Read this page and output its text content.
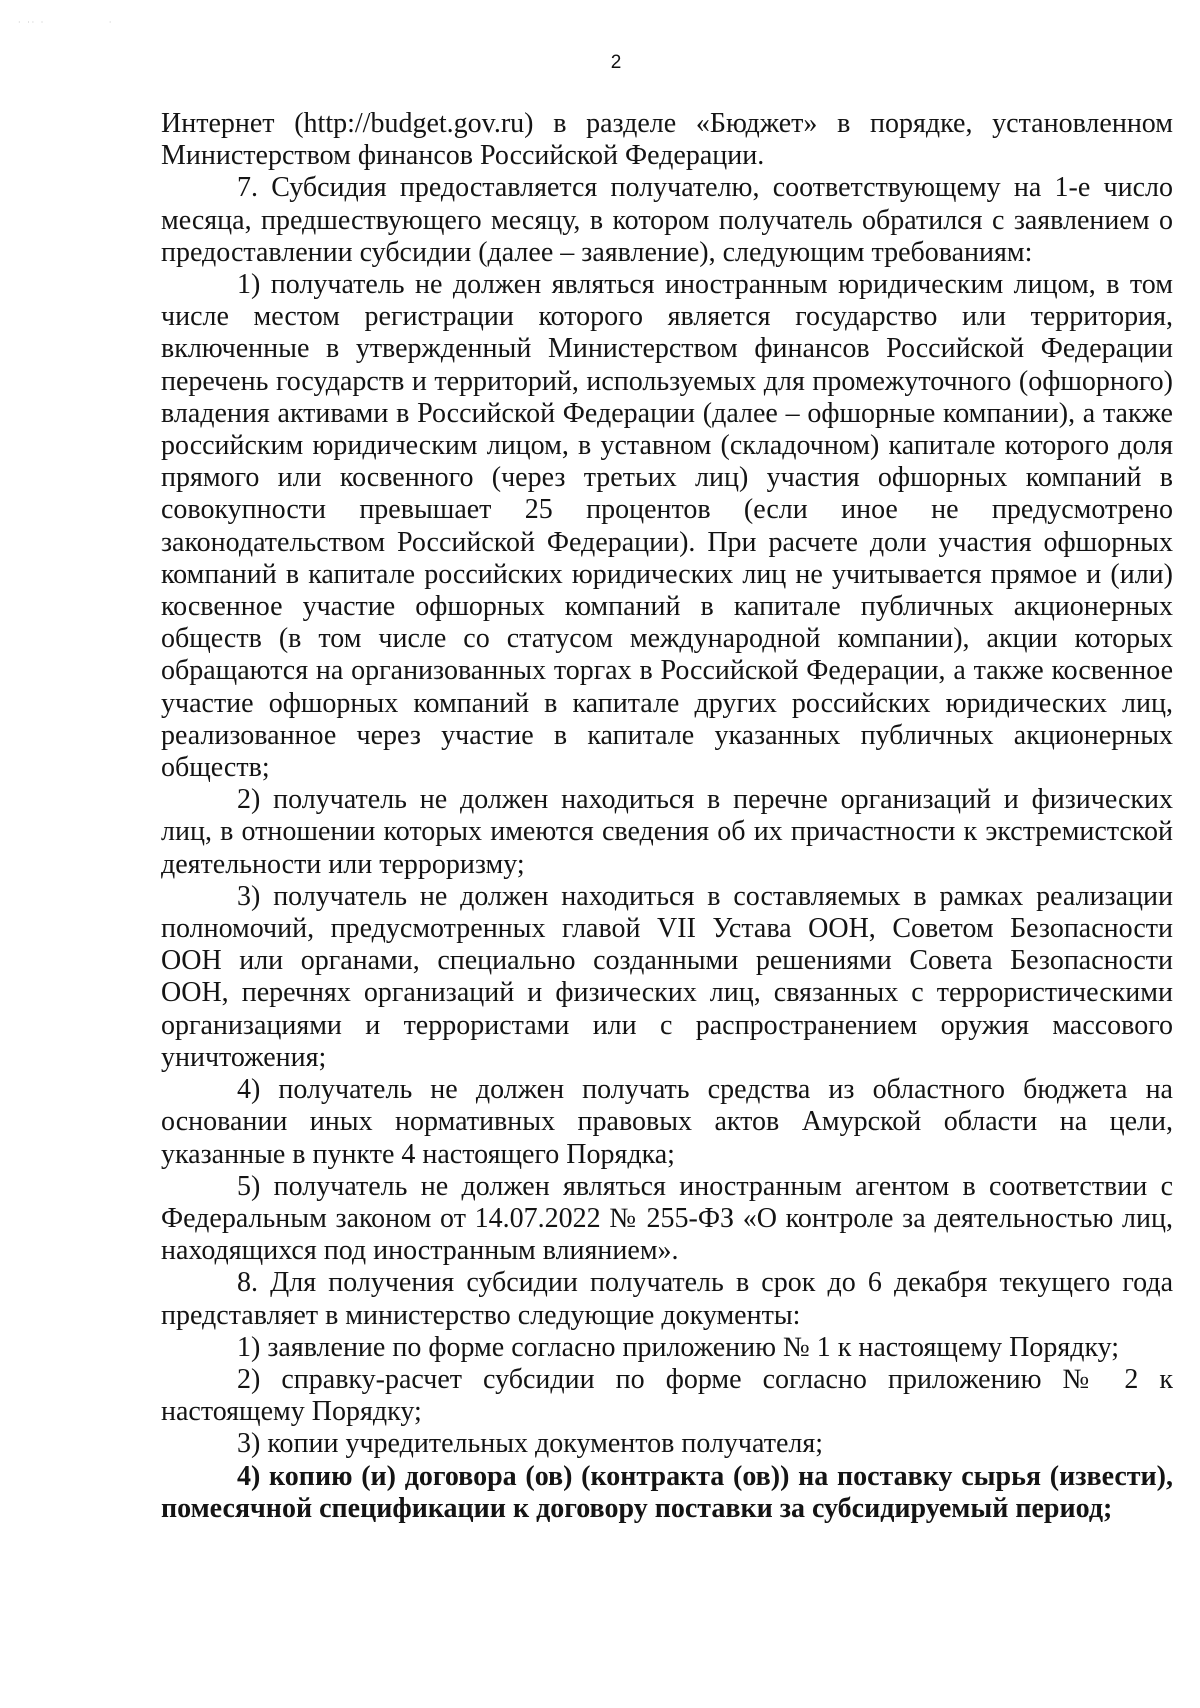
· ·· ·              ·
2

Интернет (http://budget.gov.ru) в разделе «Бюджет» в порядке, установленном Министерством финансов Российской Федерации.

7. Субсидия предоставляется получателю, соответствующему на 1-е число месяца, предшествующего месяцу, в котором получатель обратился с заявлением о предоставлении субсидии (далее – заявление), следующим требованиям:

1) получатель не должен являться иностранным юридическим лицом, в том числе местом регистрации которого является государство или территория, включенные в утвержденный Министерством финансов Российской Федерации перечень государств и территорий, используемых для промежуточного (офшорного) владения активами в Российской Федерации (далее – офшорные компании), а также российским юридическим лицом, в уставном (складочном) капитале которого доля прямого или косвенного (через третьих лиц) участия офшорных компаний в совокупности превышает 25 процентов (если иное не предусмотрено законодательством Российской Федерации). При расчете доли участия офшорных компаний в капитале российских юридических лиц не учитывается прямое и (или) косвенное участие офшорных компаний в капитале публичных акционерных обществ (в том числе со статусом международной компании), акции которых обращаются на организованных торгах в Российской Федерации, а также косвенное участие офшорных компаний в капитале других российских юридических лиц, реализованное через участие в капитале указанных публичных акционерных обществ;

2) получатель не должен находиться в перечне организаций и физических лиц, в отношении которых имеются сведения об их причастности к экстремистской деятельности или терроризму;

3) получатель не должен находиться в составляемых в рамках реализации полномочий, предусмотренных главой VII Устава ООН, Советом Безопасности ООН или органами, специально созданными решениями Совета Безопасности ООН, перечнях организаций и физических лиц, связанных с террористическими организациями и террористами или с распространением оружия массового уничтожения;

4) получатель не должен получать средства из областного бюджета на основании иных нормативных правовых актов Амурской области на цели, указанные в пункте 4 настоящего Порядка;

5) получатель не должен являться иностранным агентом в соответствии с Федеральным законом от 14.07.2022 № 255-ФЗ «О контроле за деятельностью лиц, находящихся под иностранным влиянием».

8. Для получения субсидии получатель в срок до 6 декабря текущего года представляет в министерство следующие документы:

1) заявление по форме согласно приложению № 1 к настоящему Порядку;

2) справку-расчет субсидии по форме согласно приложению № 2 к настоящему Порядку;

3) копии учредительных документов получателя;

4) копию (и) договора (ов) (контракта (ов)) на поставку сырья (извести), помесячной спецификации к договору поставки за субсидируемый период;
